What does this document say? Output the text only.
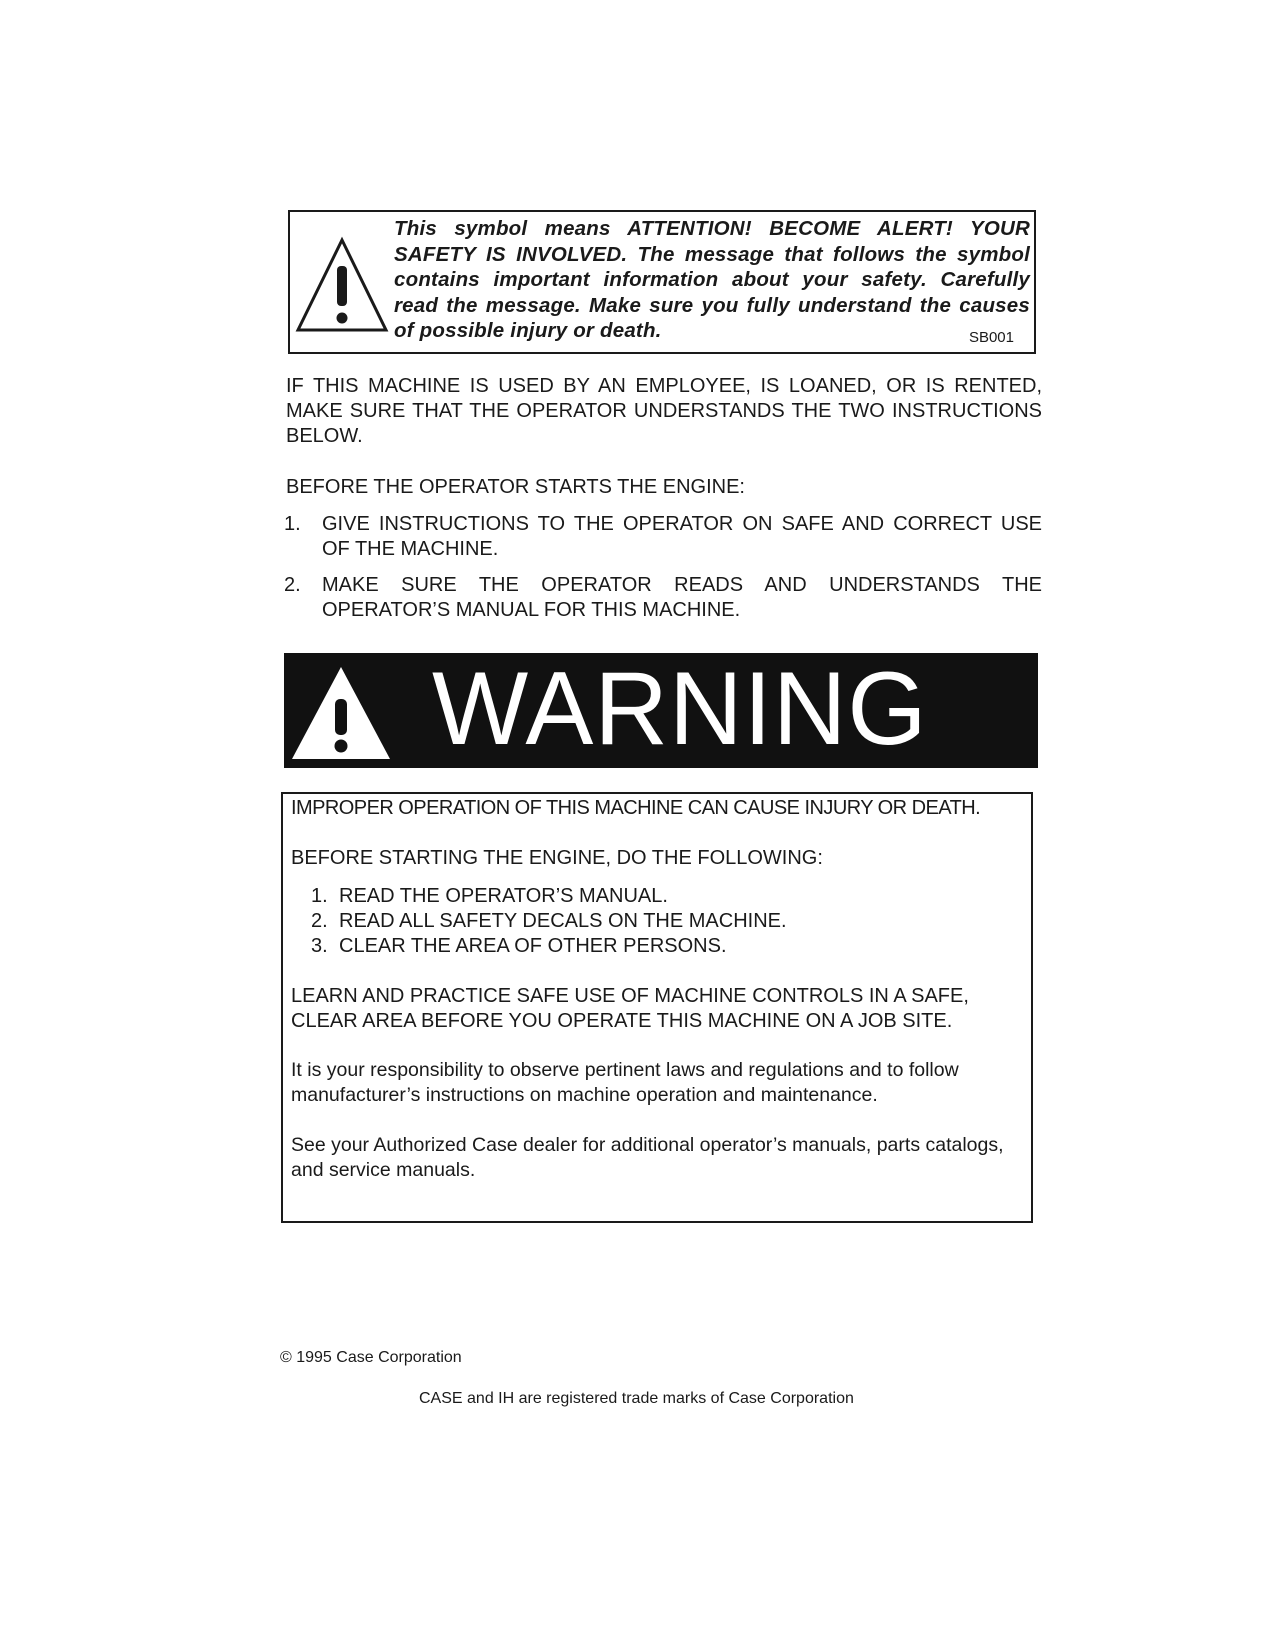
This symbol means ATTENTION! BECOME ALERT! YOUR SAFETY IS INVOLVED. The message that follows the symbol contains important information about your safety. Carefully read the message. Make sure you fully understand the causes of possible injury or death.	SB001
IF THIS MACHINE IS USED BY AN EMPLOYEE, IS LOANED, OR IS RENTED, MAKE SURE THAT THE OPERATOR UNDERSTANDS THE TWO INSTRUCTIONS BELOW.
BEFORE THE OPERATOR STARTS THE ENGINE:
1.	GIVE INSTRUCTIONS TO THE OPERATOR ON SAFE AND CORRECT USE OF THE MACHINE.
2.	MAKE SURE THE OPERATOR READS AND UNDERSTANDS THE OPERATOR’S MANUAL FOR THIS MACHINE.
WARNING
IMPROPER OPERATION OF THIS MACHINE CAN CAUSE INJURY OR DEATH.
BEFORE STARTING THE ENGINE, DO THE FOLLOWING:
1. READ THE OPERATOR’S MANUAL.
2. READ ALL SAFETY DECALS ON THE MACHINE.
3. CLEAR THE AREA OF OTHER PERSONS.
LEARN AND PRACTICE SAFE USE OF MACHINE CONTROLS IN A SAFE, CLEAR AREA BEFORE YOU OPERATE THIS MACHINE ON A JOB SITE.
It is your responsibility to observe pertinent laws and regulations and to follow manufacturer’s instructions on machine operation and maintenance.
See your Authorized Case dealer for additional operator’s manuals, parts catalogs, and service manuals.
© 1995 Case Corporation
CASE and IH are registered trade marks of Case Corporation
